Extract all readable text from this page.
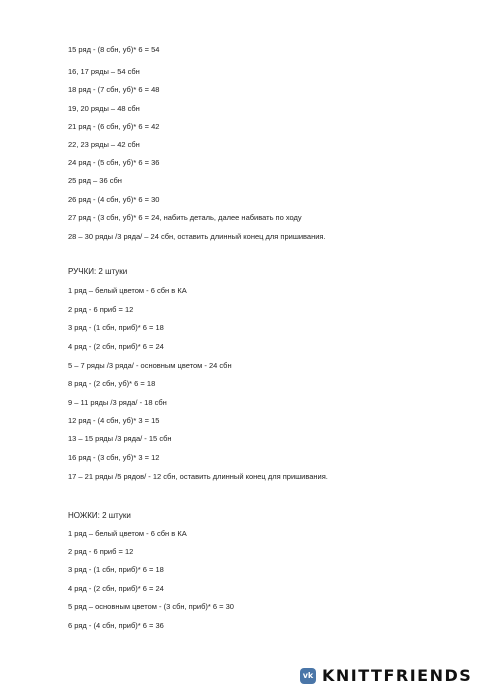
15 ряд - (8 сбн, уб)* 6 = 54
16, 17 ряды – 54 сбн
18 ряд - (7 сбн, уб)* 6 = 48
19, 20 ряды – 48 сбн
21 ряд - (6 сбн, уб)* 6 = 42
22, 23 ряды – 42 сбн
24 ряд - (5 сбн, уб)* 6 = 36
25 ряд – 36 сбн
26 ряд - (4 сбн, уб)* 6 = 30
27 ряд - (3 сбн, уб)* 6 = 24, набить деталь, далее набивать по ходу
28 – 30 ряды /3 ряда/ – 24 сбн, оставить длинный конец для пришивания.
РУЧКИ: 2 штуки
1 ряд – белый цветом - 6 сбн в КА
2 ряд - 6 приб = 12
3 ряд - (1 сбн, приб)* 6 = 18
4 ряд - (2 сбн, приб)* 6 = 24
5 – 7 ряды /3 ряда/ - основным цветом - 24 сбн
8 ряд - (2 сбн, уб)* 6 = 18
9 – 11 ряды /3 ряда/ - 18 сбн
12 ряд - (4 сбн, уб)* 3 = 15
13 – 15 ряды /3 ряда/ - 15 сбн
16 ряд - (3 сбн, уб)* 3 = 12
17 – 21 ряды /5 рядов/ - 12 сбн, оставить длинный конец для пришивания.
НОЖКИ: 2 штуки
1 ряд – белый цветом - 6 сбн в КА
2 ряд - 6 приб = 12
3 ряд - (1 сбн, приб)* 6 = 18
4 ряд - (2 сбн, приб)* 6 = 24
5 ряд – основным цветом - (3 сбн, приб)* 6 = 30
6 ряд - (4 сбн, приб)* 6 = 36
vk KNITTFRIENDS
